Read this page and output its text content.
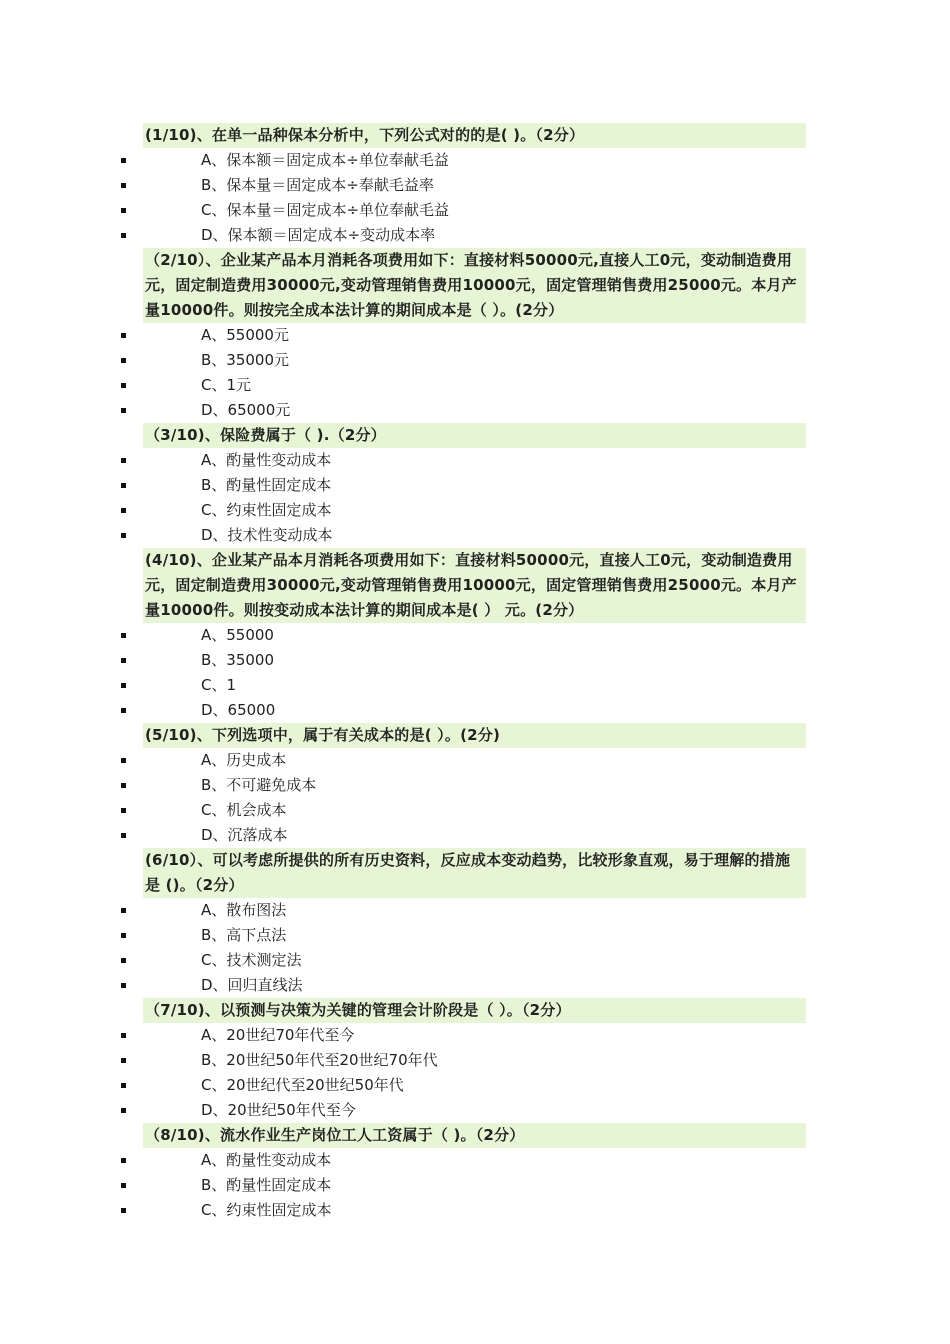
(1/10)、在单一品种保本分析中，下列公式对的的是( )。（2分）
A、保本额＝固定成本÷单位奉献毛益
B、保本量＝固定成本÷奉献毛益率
C、保本量＝固定成本÷单位奉献毛益
D、保本额＝固定成本÷变动成本率
（2/10）、企业某产品本月消耗各项费用如下：直接材料50000元,直接人工0元，变动制造费用元，固定制造费用30000元,变动管理销售费用10000元，固定管理销售费用25000元。本月产量10000件。则按完全成本法计算的期间成本是（ ）。(2分）
A、55000元
B、35000元
C、1元
D、65000元
（3/10)、保险费属于（ ).（2分）
A、酌量性变动成本
B、酌量性固定成本
C、约束性固定成本
D、技术性变动成本
(4/10)、企业某产品本月消耗各项费用如下：直接材料50000元，直接人工0元，变动制造费用元，固定制造费用30000元,变动管理销售费用10000元，固定管理销售费用25000元。本月产量10000件。则按变动成本法计算的期间成本是( ） 元。(2分）
A、55000
B、35000
C、1
D、65000
(5/10)、下列选项中，属于有关成本的是( ）。(2分)
A、历史成本
B、不可避免成本
C、机会成本
D、沉落成本
(6/10）、可以考虑所提供的所有历史资料，反应成本变动趋势，比较形象直观，易于理解的措施是 ()。（2分）
A、散布图法
B、高下点法
C、技术测定法
D、回归直线法
（7/10)、以预测与决策为关键的管理会计阶段是（ ）。（2分）
A、20世纪70年代至今
B、20世纪50年代至20世纪70年代
C、20世纪代至20世纪50年代
D、20世纪50年代至今
（8/10)、流水作业生产岗位工人工资属于（ )。（2分）
A、酌量性变动成本
B、酌量性固定成本
C、约束性固定成本
